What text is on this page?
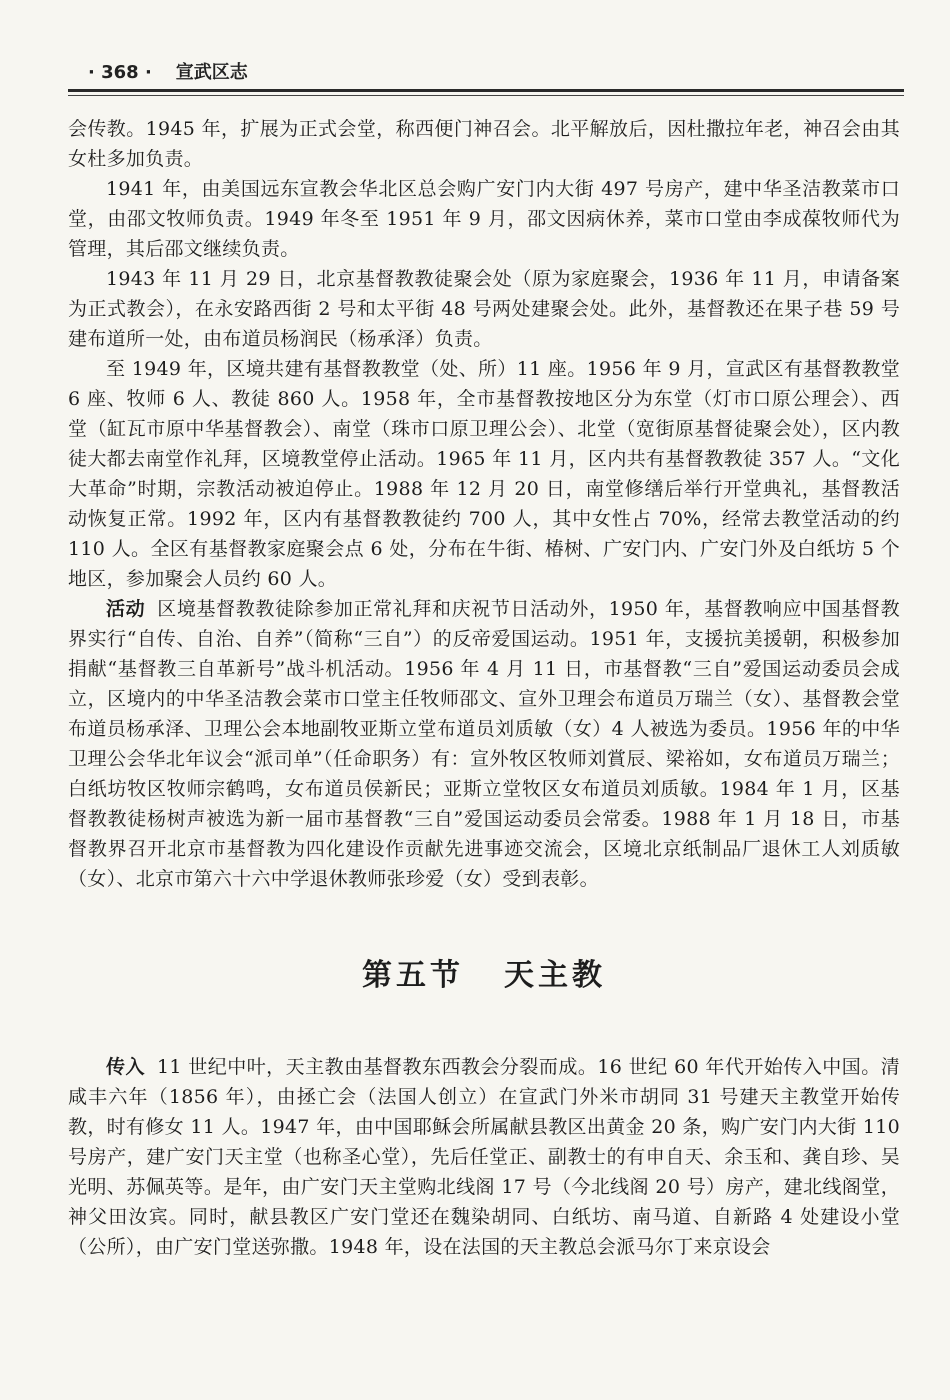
· 368 · 宣武区志

会传教。1945 年，扩展为正式会堂，称西便门神召会。北平解放后，因杜撒拉年老，神召会由其女杜多加负责。

1941 年，由美国远东宣教会华北区总会购广安门内大街 497 号房产，建中华圣洁教菜市口堂，由邵文牧师负责。1949 年冬至 1951 年 9 月，邵文因病休养，菜市口堂由李成葆牧师代为管理，其后邵文继续负责。

1943 年 11 月 29 日，北京基督教教徒聚会处（原为家庭聚会，1936 年 11 月，申请备案为正式教会），在永安路西街 2 号和太平街 48 号两处建聚会处。此外，基督教还在果子巷 59 号建布道所一处，由布道员杨润民（杨承泽）负责。

至 1949 年，区境共建有基督教教堂（处、所）11 座。1956 年 9 月，宣武区有基督教教堂 6 座、牧师 6 人、教徒 860 人。1958 年，全市基督教按地区分为东堂（灯市口原公理会）、西堂（缸瓦市原中华基督教会）、南堂（珠市口原卫理公会）、北堂（宽街原基督徒聚会处），区内教徒大都去南堂作礼拜，区境教堂停止活动。1965 年 11 月，区内共有基督教教徒 357 人。“文化大革命”时期，宗教活动被迫停止。1988 年 12 月 20 日，南堂修缮后举行开堂典礼，基督教活动恢复正常。1992 年，区内有基督教教徒约 700 人，其中女性占 70%，经常去教堂活动的约 110 人。全区有基督教家庭聚会点 6 处，分布在牛街、椿树、广安门内、广安门外及白纸坊 5 个地区，参加聚会人员约 60 人。

活动 区境基督教教徒除参加正常礼拜和庆祝节日活动外，1950 年，基督教响应中国基督教界实行“自传、自治、自养”（简称“三自”）的反帝爱国运动。1951 年，支援抗美援朝，积极参加捐献“基督教三自革新号”战斗机活动。1956 年 4 月 11 日，市基督教“三自”爱国运动委员会成立，区境内的中华圣洁教会菜市口堂主任牧师邵文、宣外卫理会布道员万瑞兰（女）、基督教会堂布道员杨承泽、卫理公会本地副牧亚斯立堂布道员刘质敏（女）4 人被选为委员。1956 年的中华卫理公会华北年议会“派司单”（任命职务）有：宣外牧区牧师刘賞辰、梁裕如，女布道员万瑞兰；白纸坊牧区牧师宗鹤鸣，女布道员侯新民；亚斯立堂牧区女布道员刘质敏。1984 年 1 月，区基督教教徒杨树声被选为新一届市基督教“三自”爱国运动委员会常委。1988 年 1 月 18 日，市基督教界召开北京市基督教为四化建设作贡献先进事迹交流会，区境北京纸制品厂退休工人刘质敏（女）、北京市第六十六中学退休教师张珍爱（女）受到表彰。

第五节 天主教

传入 11 世纪中叶，天主教由基督教东西教会分裂而成。16 世纪 60 年代开始传入中国。清咸丰六年（1856 年），由拯亡会（法国人创立）在宣武门外米市胡同 31 号建天主教堂开始传教，时有修女 11 人。1947 年，由中国耶稣会所属献县教区出黄金 20 条，购广安门内大街 110 号房产，建广安门天主堂（也称圣心堂），先后任堂正、副教士的有申自天、余玉和、龚自珍、吴光明、苏佩英等。是年，由广安门天主堂购北线阁 17 号（今北线阁 20 号）房产，建北线阁堂，神父田汝宾。同时，献县教区广安门堂还在魏染胡同、白纸坊、南马道、自新路 4 处建设小堂（公所），由广安门堂送弥撒。1948 年，设在法国的天主教总会派马尔丁来京设会
